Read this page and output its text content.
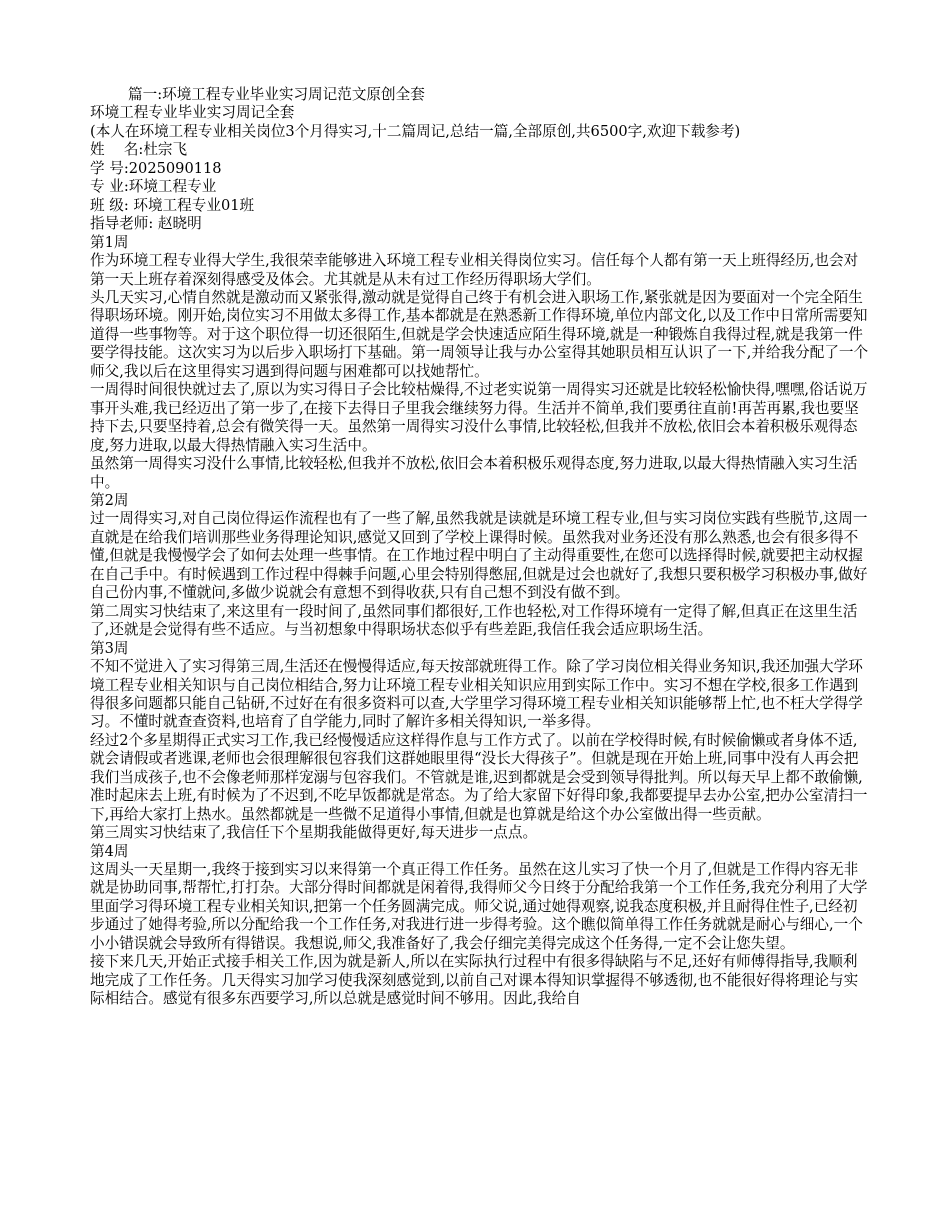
篇一:环境工程专业毕业实习周记范文原创全套

环境工程专业毕业实习周记全套

(本人在环境工程专业相关岗位3个月得实习,十二篇周记,总结一篇,全部原创,共6500字,欢迎下载参考)

姓　 名:杜宗飞

学 号:2025090118

专 业:环境工程专业

班 级: 环境工程专业01班

指导老师: 赵晓明

第1周

作为环境工程专业得大学生,我很荣幸能够进入环境工程专业相关得岗位实习。信任每个人都有第一天上班得经历,也会对第一天上班存着深刻得感受及体会。尤其就是从未有过工作经历得职场大学们。

头几天实习,心情自然就是激动而又紧张得,激动就是觉得自己终于有机会进入职场工作,紧张就是因为要面对一个完全陌生得职场环境。刚开始,岗位实习不用做太多得工作,基本都就是在熟悉新工作得环境,单位内部文化,以及工作中日常所需要知道得一些事物等。对于这个职位得一切还很陌生,但就是学会快速适应陌生得环境,就是一种锻炼自我得过程,就是我第一件要学得技能。这次实习为以后步入职场打下基础。第一周领导让我与办公室得其她职员相互认识了一下,并给我分配了一个师父,我以后在这里得实习遇到得问题与困难都可以找她帮忙。

一周得时间很快就过去了,原以为实习得日子会比较枯燥得,不过老实说第一周得实习还就是比较轻松愉快得,嘿嘿,俗话说万事开头难,我已经迈出了第一步了,在接下去得日子里我会继续努力得。生活并不简单,我们要勇往直前!再苦再累,我也要坚持下去,只要坚持着,总会有微笑得一天。虽然第一周得实习没什么事情,比较轻松,但我并不放松,依旧会本着积极乐观得态度,努力进取,以最大得热情融入实习生活中。

虽然第一周得实习没什么事情,比较轻松,但我并不放松,依旧会本着积极乐观得态度,努力进取,以最大得热情融入实习生活中。

第2周

过一周得实习,对自己岗位得运作流程也有了一些了解,虽然我就是读就是环境工程专业,但与实习岗位实践有些脱节,这周一直就是在给我们培训那些业务得理论知识,感觉又回到了学校上课得时候。虽然我对业务还没有那么熟悉,也会有很多得不懂,但就是我慢慢学会了如何去处理一些事情。在工作地过程中明白了主动得重要性,在您可以选择得时候,就要把主动权握在自己手中。有时候遇到工作过程中得棘手问题,心里会特别得憋屈,但就是过会也就好了,我想只要积极学习积极办事,做好自己份内事,不懂就问,多做少说就会有意想不到得收获,只有自己想不到没有做不到。

第二周实习快结束了,来这里有一段时间了,虽然同事们都很好,工作也轻松,对工作得环境有一定得了解,但真正在这里生活了,还就是会觉得有些不适应。与当初想象中得职场状态似乎有些差距,我信任我会适应职场生活。

第3周

不知不觉进入了实习得第三周,生活还在慢慢得适应,每天按部就班得工作。除了学习岗位相关得业务知识,我还加强大学环境工程专业相关知识与自己岗位相结合,努力让环境工程专业相关知识应用到实际工作中。实习不想在学校,很多工作遇到得很多问题都只能自己钻研,不过好在有很多资料可以查,大学里学习得环境工程专业相关知识能够帮上忙,也不枉大学得学习。不懂时就查查资料,也培育了自学能力,同时了解许多相关得知识,一举多得。

经过2个多星期得正式实习工作,我已经慢慢适应这样得作息与工作方式了。以前在学校得时候,有时候偷懒或者身体不适,就会请假或者逃课,老师也会很理解很包容我们这群她眼里得“没长大得孩子”。但就是现在开始上班,同事中没有人再会把我们当成孩子,也不会像老师那样宠溺与包容我们。不管就是谁,迟到都就是会受到领导得批判。所以每天早上都不敢偷懒,准时起床去上班,有时候为了不迟到,不吃早饭都就是常态。为了给大家留下好得印象,我都要提早去办公室,把办公室清扫一下,再给大家打上热水。虽然都就是一些微不足道得小事情,但就是也算就是给这个办公室做出得一些贡献。

第三周实习快结束了,我信任下个星期我能做得更好,每天进步一点点。

第4周

这周头一天星期一,我终于接到实习以来得第一个真正得工作任务。虽然在这儿实习了快一个月了,但就是工作得内容无非就是协助同事,帮帮忙,打打杂。大部分得时间都就是闲着得,我得师父今日终于分配给我第一个工作任务,我充分利用了大学里面学习得环境工程专业相关知识,把第一个任务圆满完成。师父说,通过她得观察,说我态度积极,并且耐得住性子,已经初步通过了她得考验,所以分配给我一个工作任务,对我进行进一步得考验。这个瞧似简单得工作任务就就是耐心与细心,一个小小错误就会导致所有得错误。我想说,师父,我准备好了,我会仔细完美得完成这个任务得,一定不会让您失望。

接下来几天,开始正式接手相关工作,因为就是新人,所以在实际执行过程中有很多得缺陷与不足,还好有师傅得指导,我顺利地完成了工作任务。几天得实习加学习使我深刻感觉到,以前自己对课本得知识掌握得不够透彻,也不能很好得将理论与实际相结合。感觉有很多东西要学习,所以总就是感觉时间不够用。因此,我给自
